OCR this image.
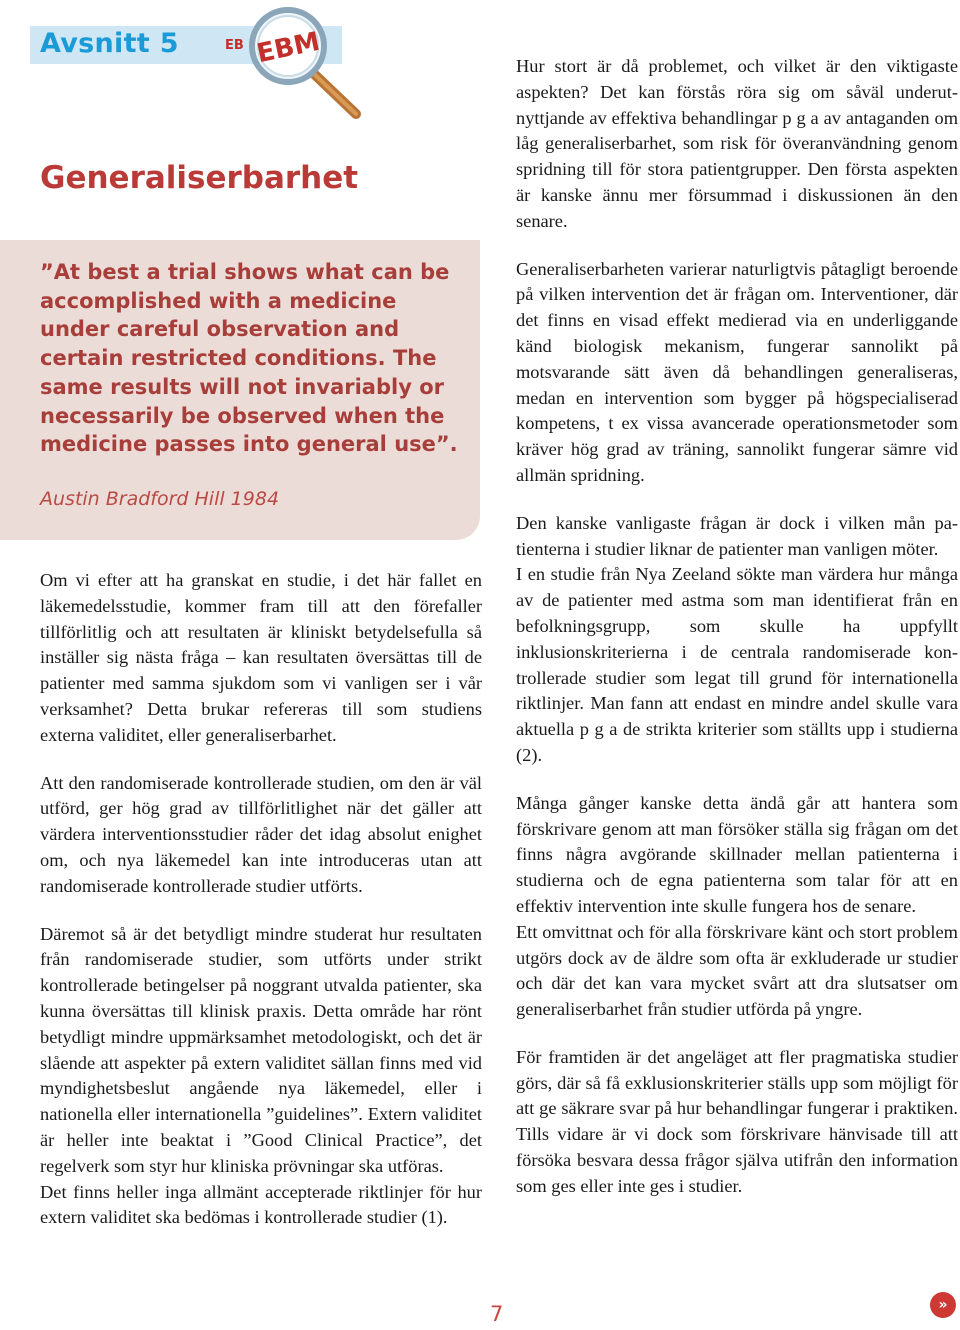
Avsnitt 5	EB EBM
Generaliserbarhet
”At best a trial shows what can be accomplished with a medicine under careful observation and certain restricted conditions. The same results will not invariably or necessarily be observed when the medicine passes into general use”.
Austin Bradford Hill 1984

Om vi efter att ha granskat en studie, i det här fallet en läkemedelsstudie, kommer fram till att den förefaller tillförlitlig och att resultaten är kliniskt betydelsefulla så inställer sig nästa fråga – kan resultaten översättas till de patienter med samma sjukdom som vi vanligen ser i vår verksamhet? Detta brukar refereras till som studiens externa validitet, eller generaliserbarhet.

Att den randomiserade kontrollerade studien, om den är väl utförd, ger hög grad av tillförlitlighet när det gäller att värdera interventionsstudier råder det idag absolut enighet om, och nya läkemedel kan inte introduceras utan att randomiserade kontrollerade studier utförts.

Däremot så är det betydligt mindre studerat hur resultaten från randomiserade studier, som utförts under strikt kontrollerade betingelser på noggrant utvalda patienter, ska kunna översättas till klinisk praxis. Detta område har rönt betydligt mindre uppmärksamhet metodologiskt, och det är slående att aspekter på extern validitet sällan finns med vid myndighetsbeslut angående nya läkemedel, eller i nationella eller internationella ”guidelines”. Extern validitet är heller inte beaktat i ”Good Clinical Practice”, det regelverk som styr hur kliniska prövningar ska utföras.

Det finns heller inga allmänt accepterade riktlinjer för hur extern validitet ska bedömas i kontrollerade studier (1).

Hur stort är då problemet, och vilket är den viktigaste aspekten? Det kan förstås röra sig om såväl underutnyttjande av effektiva behandlingar p g a av antaganden om låg generaliserbarhet, som risk för överanvändning genom spridning till för stora patientgrupper. Den första aspekten är kanske ännu mer försummad i diskussionen än den senare.

Generaliserbarheten varierar naturligtvis påtagligt beroende på vilken intervention det är frågan om. Interventioner, där det finns en visad effekt medierad via en underliggande känd biologisk mekanism, fungerar sannolikt på motsvarande sätt även då behandlingen generaliseras, medan en intervention som bygger på högspecialiserad kompetens, t ex vissa avancerade operationsmetoder som kräver hög grad av träning, sannolikt fungerar sämre vid allmän spridning.

Den kanske vanligaste frågan är dock i vilken mån patienterna i studier liknar de patienter man vanligen möter.

I en studie från Nya Zeeland sökte man värdera hur många av de patienter med astma som man identifierat från en befolkningsgrupp, som skulle ha uppfyllt inklusionskriterierna i de centrala randomiserade kontrollerade studier som legat till grund för internationella riktlinjer. Man fann att endast en mindre andel skulle vara aktuella p g a de strikta kriterier som ställts upp i studierna (2).

Många gånger kanske detta ändå går att hantera som förskrivare genom att man försöker ställa sig frågan om det finns några avgörande skillnader mellan patienterna i studierna och de egna patienterna som talar för att en effektiv intervention inte skulle fungera hos de senare.

Ett omvittnat och för alla förskrivare känt och stort problem utgörs dock av de äldre som ofta är exkluderade ur studier och där det kan vara mycket svårt att dra slutsatser om generaliserbarhet från studier utförda på yngre.

För framtiden är det angeläget att fler pragmatiska studier görs, där så få exklusionskriterier ställs upp som möjligt för att ge säkrare svar på hur behandlingar fungerar i praktiken. Tills vidare är vi dock som förskrivare hänvisade till att försöka besvara dessa frågor själva utifrån den information som ges eller inte ges i studier.

7	»
